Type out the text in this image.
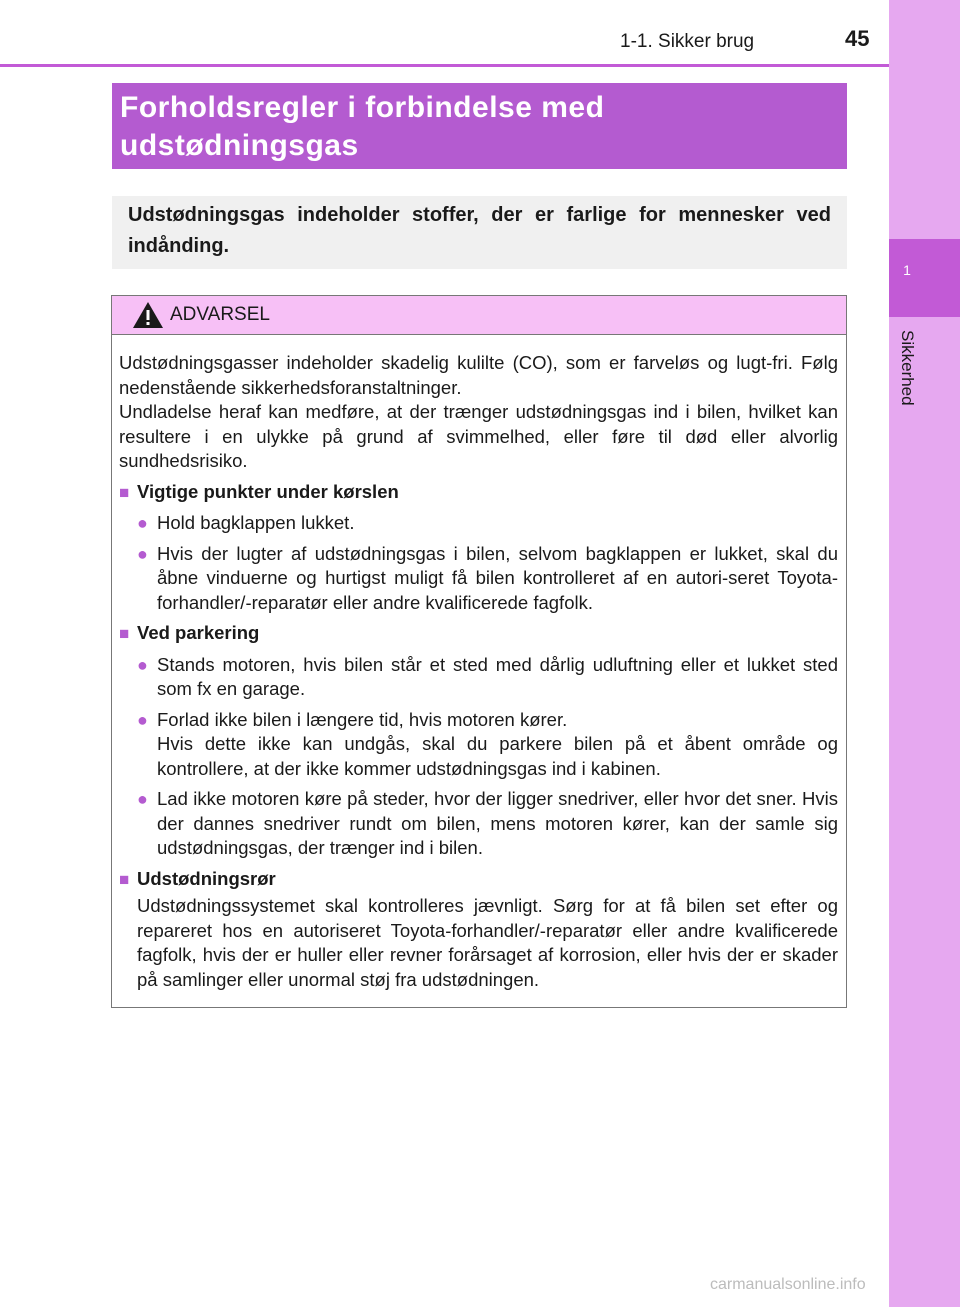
1
Sikkerhed
1-1. Sikker brug	45
Forholdsregler i forbindelse med
udstødningsgas

Udstødningsgas indeholder stoffer, der er farlige for mennesker ved indånding.

ADVARSEL

Udstødningsgasser indeholder skadelig kulilte (CO), som er farveløs og lugt-fri. Følg nedenstående sikkerhedsforanstaltninger.

Undladelse heraf kan medføre, at der trænger udstødningsgas ind i bilen, hvilket kan resultere i en ulykke på grund af svimmelhed, eller føre til død eller alvorlig sundhedsrisiko.

■ Vigtige punkter under kørslen
● Hold bagklappen lukket.
● Hvis der lugter af udstødningsgas i bilen, selvom bagklappen er lukket, skal du åbne vinduerne og hurtigst muligt få bilen kontrolleret af en autori-seret Toyota-forhandler/-reparatør eller andre kvalificerede fagfolk.
■ Ved parkering
● Stands motoren, hvis bilen står et sted med dårlig udluftning eller et lukket sted som fx en garage.
● Forlad ikke bilen i længere tid, hvis motoren kører.
Hvis dette ikke kan undgås, skal du parkere bilen på et åbent område og kontrollere, at der ikke kommer udstødningsgas ind i kabinen.
● Lad ikke motoren køre på steder, hvor der ligger snedriver, eller hvor det sner. Hvis der dannes snedriver rundt om bilen, mens motoren kører, kan der samle sig udstødningsgas, der trænger ind i bilen.
■ Udstødningsrør

Udstødningssystemet skal kontrolleres jævnligt. Sørg for at få bilen set efter og repareret hos en autoriseret Toyota-forhandler/-reparatør eller andre kvalificerede fagfolk, hvis der er huller eller revner forårsaget af korrosion, eller hvis der er skader på samlinger eller unormal støj fra udstødningen.

carmanualsonline.info
